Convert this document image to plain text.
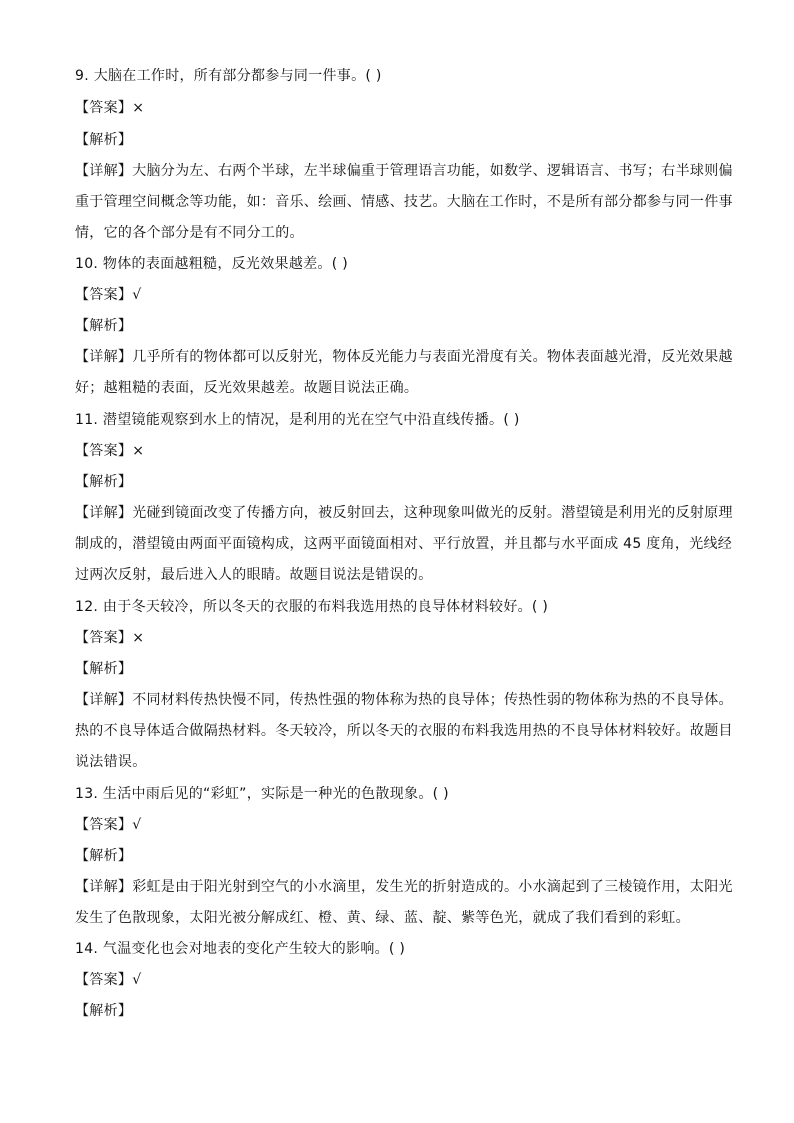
9. 大脑在工作时，所有部分都参与同一件事。( )
【答案】×
【解析】
【详解】大脑分为左、右两个半球，左半球偏重于管理语言功能，如数学、逻辑语言、书写；右半球则偏
重于管理空间概念等功能，如：音乐、绘画、情感、技艺。大脑在工作时，不是所有部分都参与同一件事
情，它的各个部分是有不同分工的。
10. 物体的表面越粗糙，反光效果越差。( )
【答案】√
【解析】
【详解】几乎所有的物体都可以反射光，物体反光能力与表面光滑度有关。物体表面越光滑，反光效果越
好；越粗糙的表面，反光效果越差。故题目说法正确。
11. 潜望镜能观察到水上的情况，是利用的光在空气中沿直线传播。( )
【答案】×
【解析】
【详解】光碰到镜面改变了传播方向，被反射回去，这种现象叫做光的反射。潜望镜是利用光的反射原理
制成的，潜望镜由两面平面镜构成，这两平面镜面相对、平行放置，并且都与水平面成 45 度角，光线经
过两次反射，最后进入人的眼睛。故题目说法是错误的。
12. 由于冬天较冷，所以冬天的衣服的布料我选用热的良导体材料较好。( )
【答案】×
【解析】
【详解】不同材料传热快慢不同，传热性强的物体称为热的良导体；传热性弱的物体称为热的不良导体。
热的不良导体适合做隔热材料。冬天较冷，所以冬天的衣服的布料我选用热的不良导体材料较好。故题目
说法错误。
13. 生活中雨后见的“彩虹”，实际是一种光的色散现象。( )
【答案】√
【解析】
【详解】彩虹是由于阳光射到空气的小水滴里，发生光的折射造成的。小水滴起到了三棱镜作用，太阳光
发生了色散现象，太阳光被分解成红、橙、黄、绿、蓝、靛、紫等色光，就成了我们看到的彩虹。
14. 气温变化也会对地表的变化产生较大的影响。( )
【答案】√
【解析】
